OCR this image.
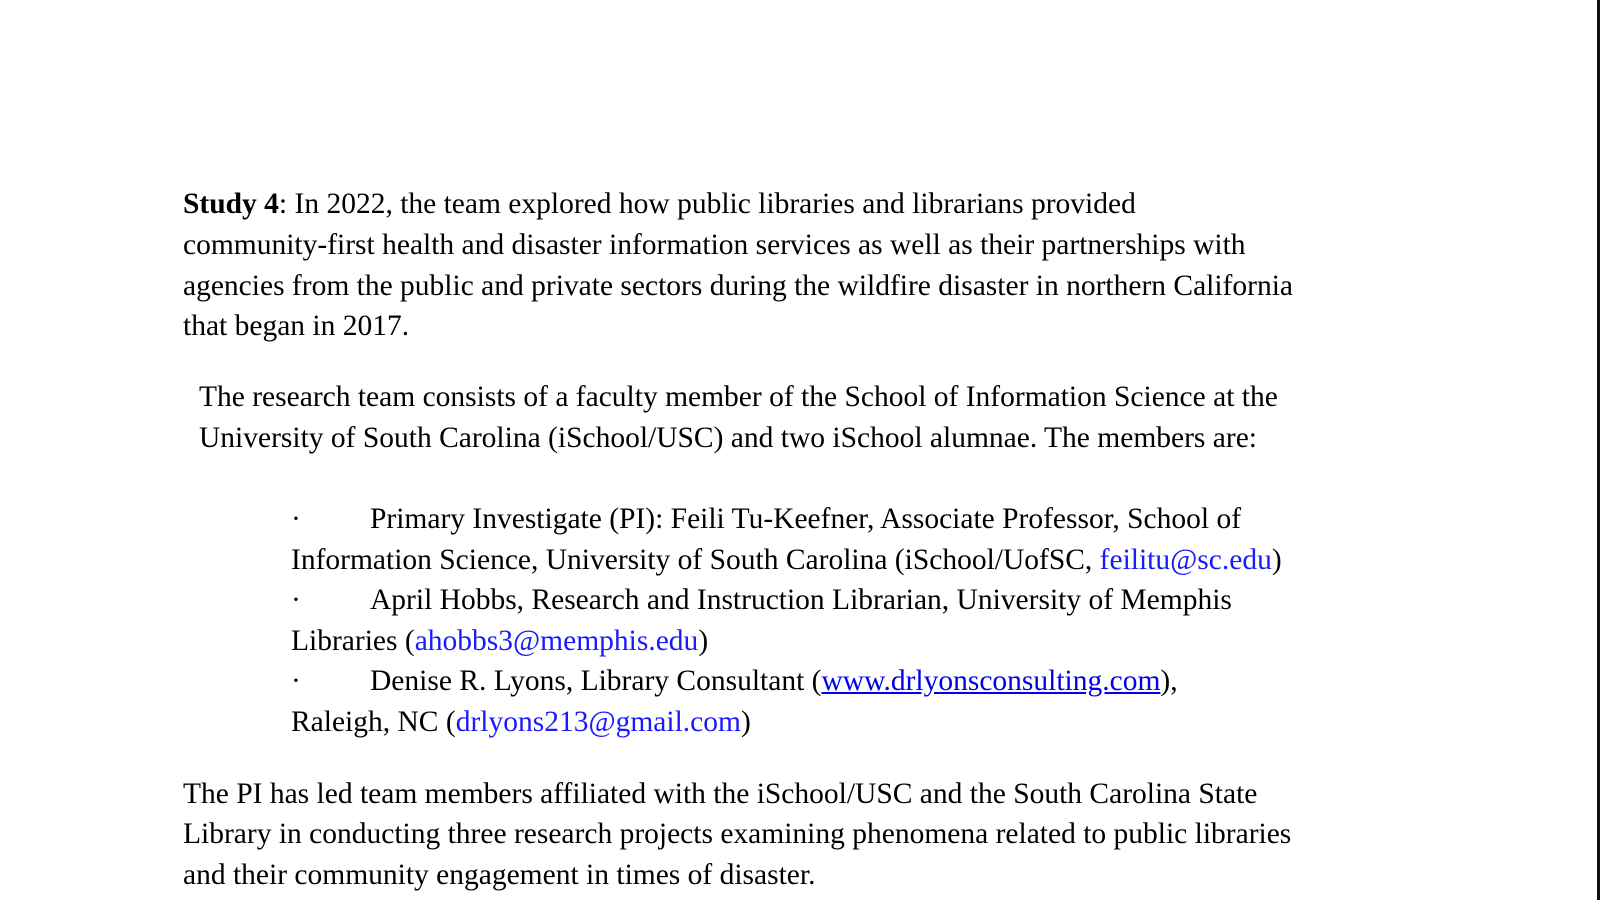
Study 4: In 2022, the team explored how public libraries and librarians provided
community-first health and disaster information services as well as their partnerships with
agencies from the public and private sectors during the wildfire disaster in northern California
that began in 2017.
The research team consists of a faculty member of the School of Information Science at the
University of South Carolina (iSchool/USC) and two iSchool alumnae. The members are:
· Primary Investigate (PI): Feili Tu-Keefner, Associate Professor, School of
Information Science, University of South Carolina (iSchool/UofSC, feilitu@sc.edu)
· April Hobbs, Research and Instruction Librarian, University of Memphis
Libraries (ahobbs3@memphis.edu)
· Denise R. Lyons, Library Consultant (www.drlyonsconsulting.com),
Raleigh, NC (drlyons213@gmail.com)
The PI has led team members affiliated with the iSchool/USC and the South Carolina State
Library in conducting three research projects examining phenomena related to public libraries
and their community engagement in times of disaster.
